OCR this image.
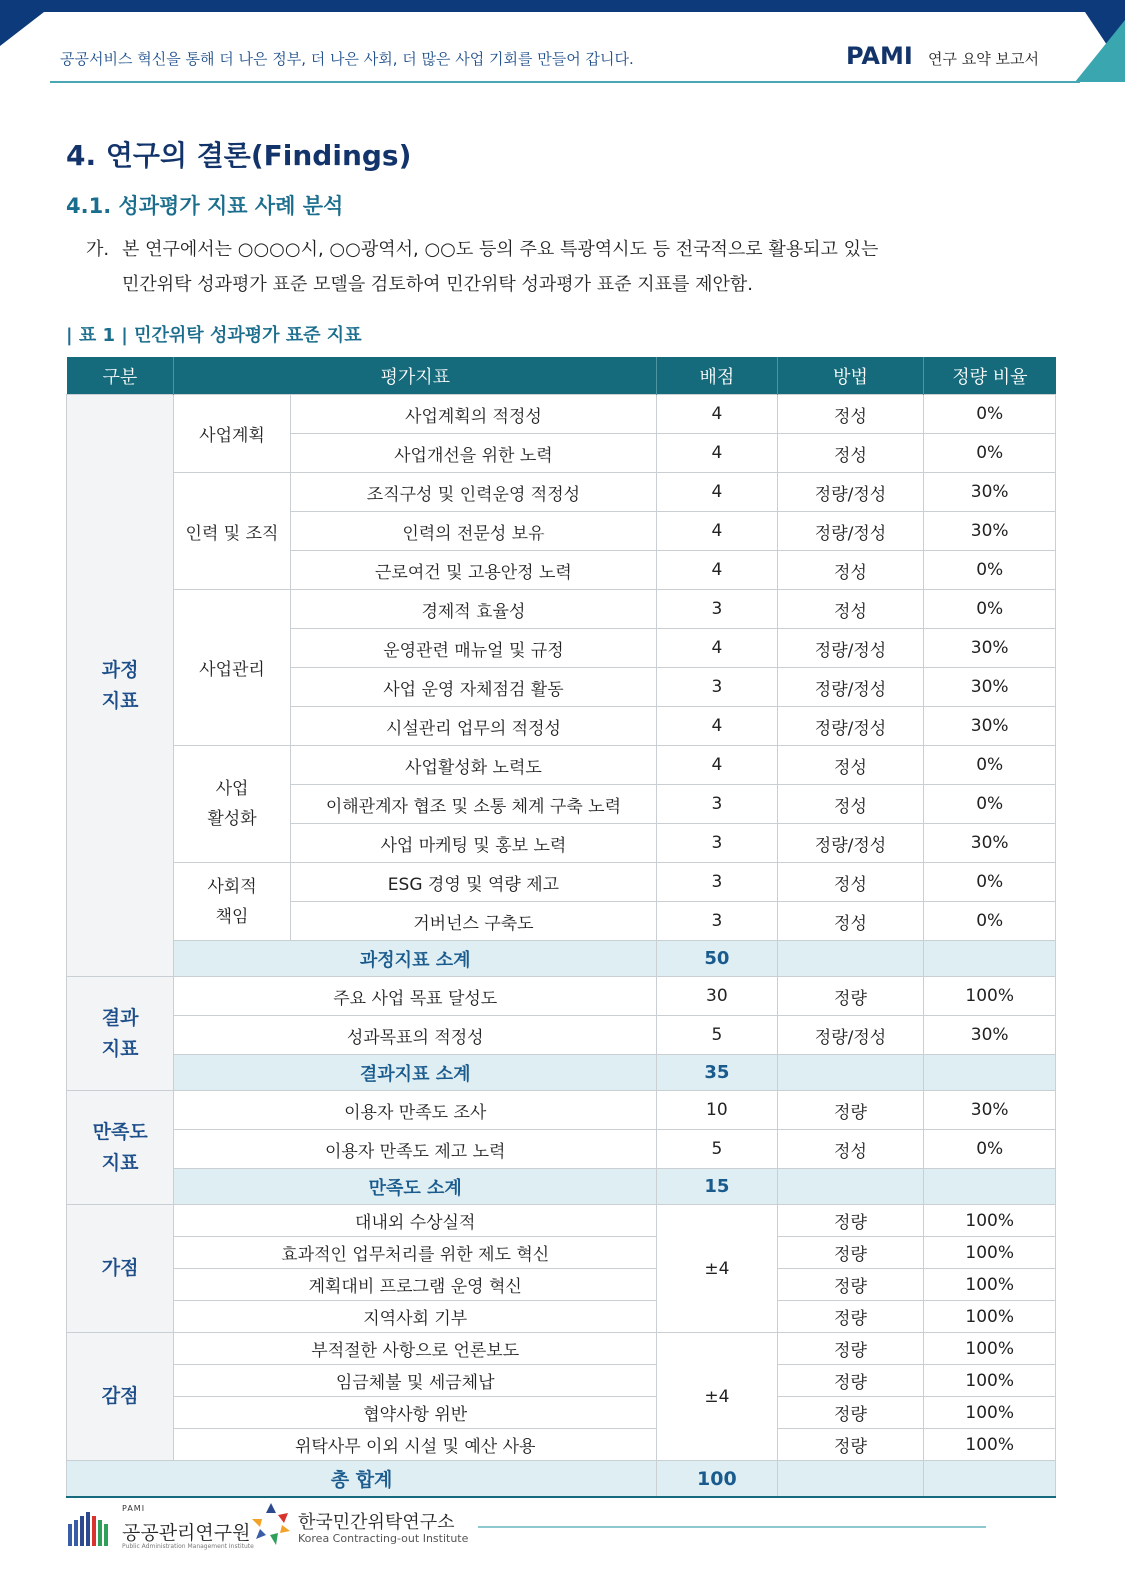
공공서비스 혁신을 통해 더 나은 정부, 더 나은 사회, 더 많은 사업 기회를 만들어 갑니다.	PAMI 연구 요약 보고서
4. 연구의 결론(Findings)
4.1. 성과평가 지표 사례 분석
가. 본 연구에서는 ○○○○시, ○○광역서, ○○도 등의 주요 특광역시도 등 전국적으로 활용되고 있는
민간위탁 성과평가 표준 모델을 검토하여 민간위탁 성과평가 표준 지표를 제안함.
| 표 1 | 민간위탁 성과평가 표준 지표
구분	평가지표		배점	방법	정량 비율
과정
지표	사업계획	사업계획의 적정성	4	정성	0%
		사업개선을 위한 노력	4	정성	0%
	인력 및 조직	조직구성 및 인력운영 적정성	4	정량/정성	30%
		인력의 전문성 보유	4	정량/정성	30%
		근로여건 및 고용안정 노력	4	정성	0%
	사업관리	경제적 효율성	3	정성	0%
		운영관련 매뉴얼 및 규정	4	정량/정성	30%
		사업 운영 자체점검 활동	3	정량/정성	30%
		시설관리 업무의 적정성	4	정량/정성	30%
	사업
활성화	사업활성화 노력도	4	정성	0%
		이해관계자 협조 및 소통 체계 구축 노력	3	정성	0%
		사업 마케팅 및 홍보 노력	3	정량/정성	30%
	사회적
책임	ESG 경영 및 역량 제고	3	정성	0%
		거버넌스 구축도	3	정성	0%
	과정지표 소계		50		
결과
지표	주요 사업 목표 달성도		30	정량	100%
	성과목표의 적정성		5	정량/정성	30%
	결과지표 소계		35		
만족도
지표	이용자 만족도 조사		10	정량	30%
	이용자 만족도 제고 노력		5	정성	0%
	만족도 소계		15		
가점	대내외 수상실적		±4	정량	100%
	효과적인 업무처리를 위한 제도 혁신			정량	100%
	계획대비 프로그램 운영 혁신			정량	100%
	지역사회 기부			정량	100%
감점	부적절한 사항으로 언론보도		±4	정량	100%
	임금체불 및 세금체납			정량	100%
	협약사항 위반			정량	100%
	위탁사무 이외 시설 및 예산 사용			정량	100%
총 합계			100		
PAMI
공공관리연구원
Public Administration Management Institute
한국민간위탁연구소
Korea Contracting-out Institute
